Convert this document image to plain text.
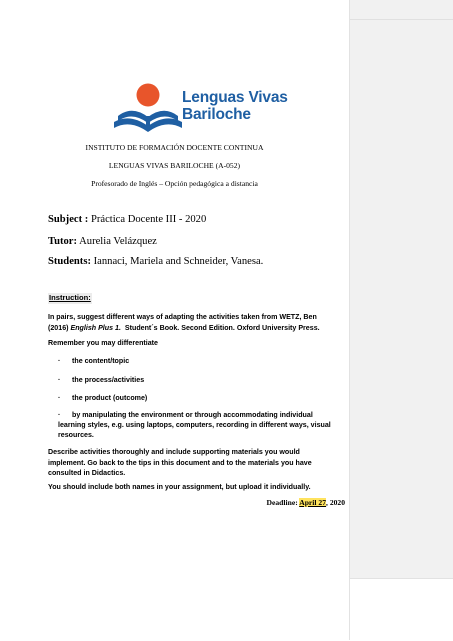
Lenguas Vivas
Bariloche
INSTITUTO DE FORMACIÓN DOCENTE CONTINUA
LENGUAS VIVAS BARILOCHE (A-052)
Profesorado de Inglés – Opción pedagógica a distancia
Subject : Práctica Docente III - 2020
Tutor: Aurelia Velázquez
Students: Iannaci, Mariela and Schneider, Vanesa.
Instruction:
In pairs, suggest different ways of adapting the activities taken from WETZ, Ben
(2016) English Plus 1.  Student´s Book. Second Edition. Oxford University Press.
Remember you may differentiate
· the content/topic
· the process/activities
· the product (outcome)
· by manipulating the environment or through accommodating individual
learning styles, e.g. using laptops, computers, recording in different ways, visual
resources.
Describe activities thoroughly and include supporting materials you would
implement. Go back to the tips in this document and to the materials you have
consulted in Didactics.
You should include both names in your assignment, but upload it individually.
Deadline: April 27, 2020
